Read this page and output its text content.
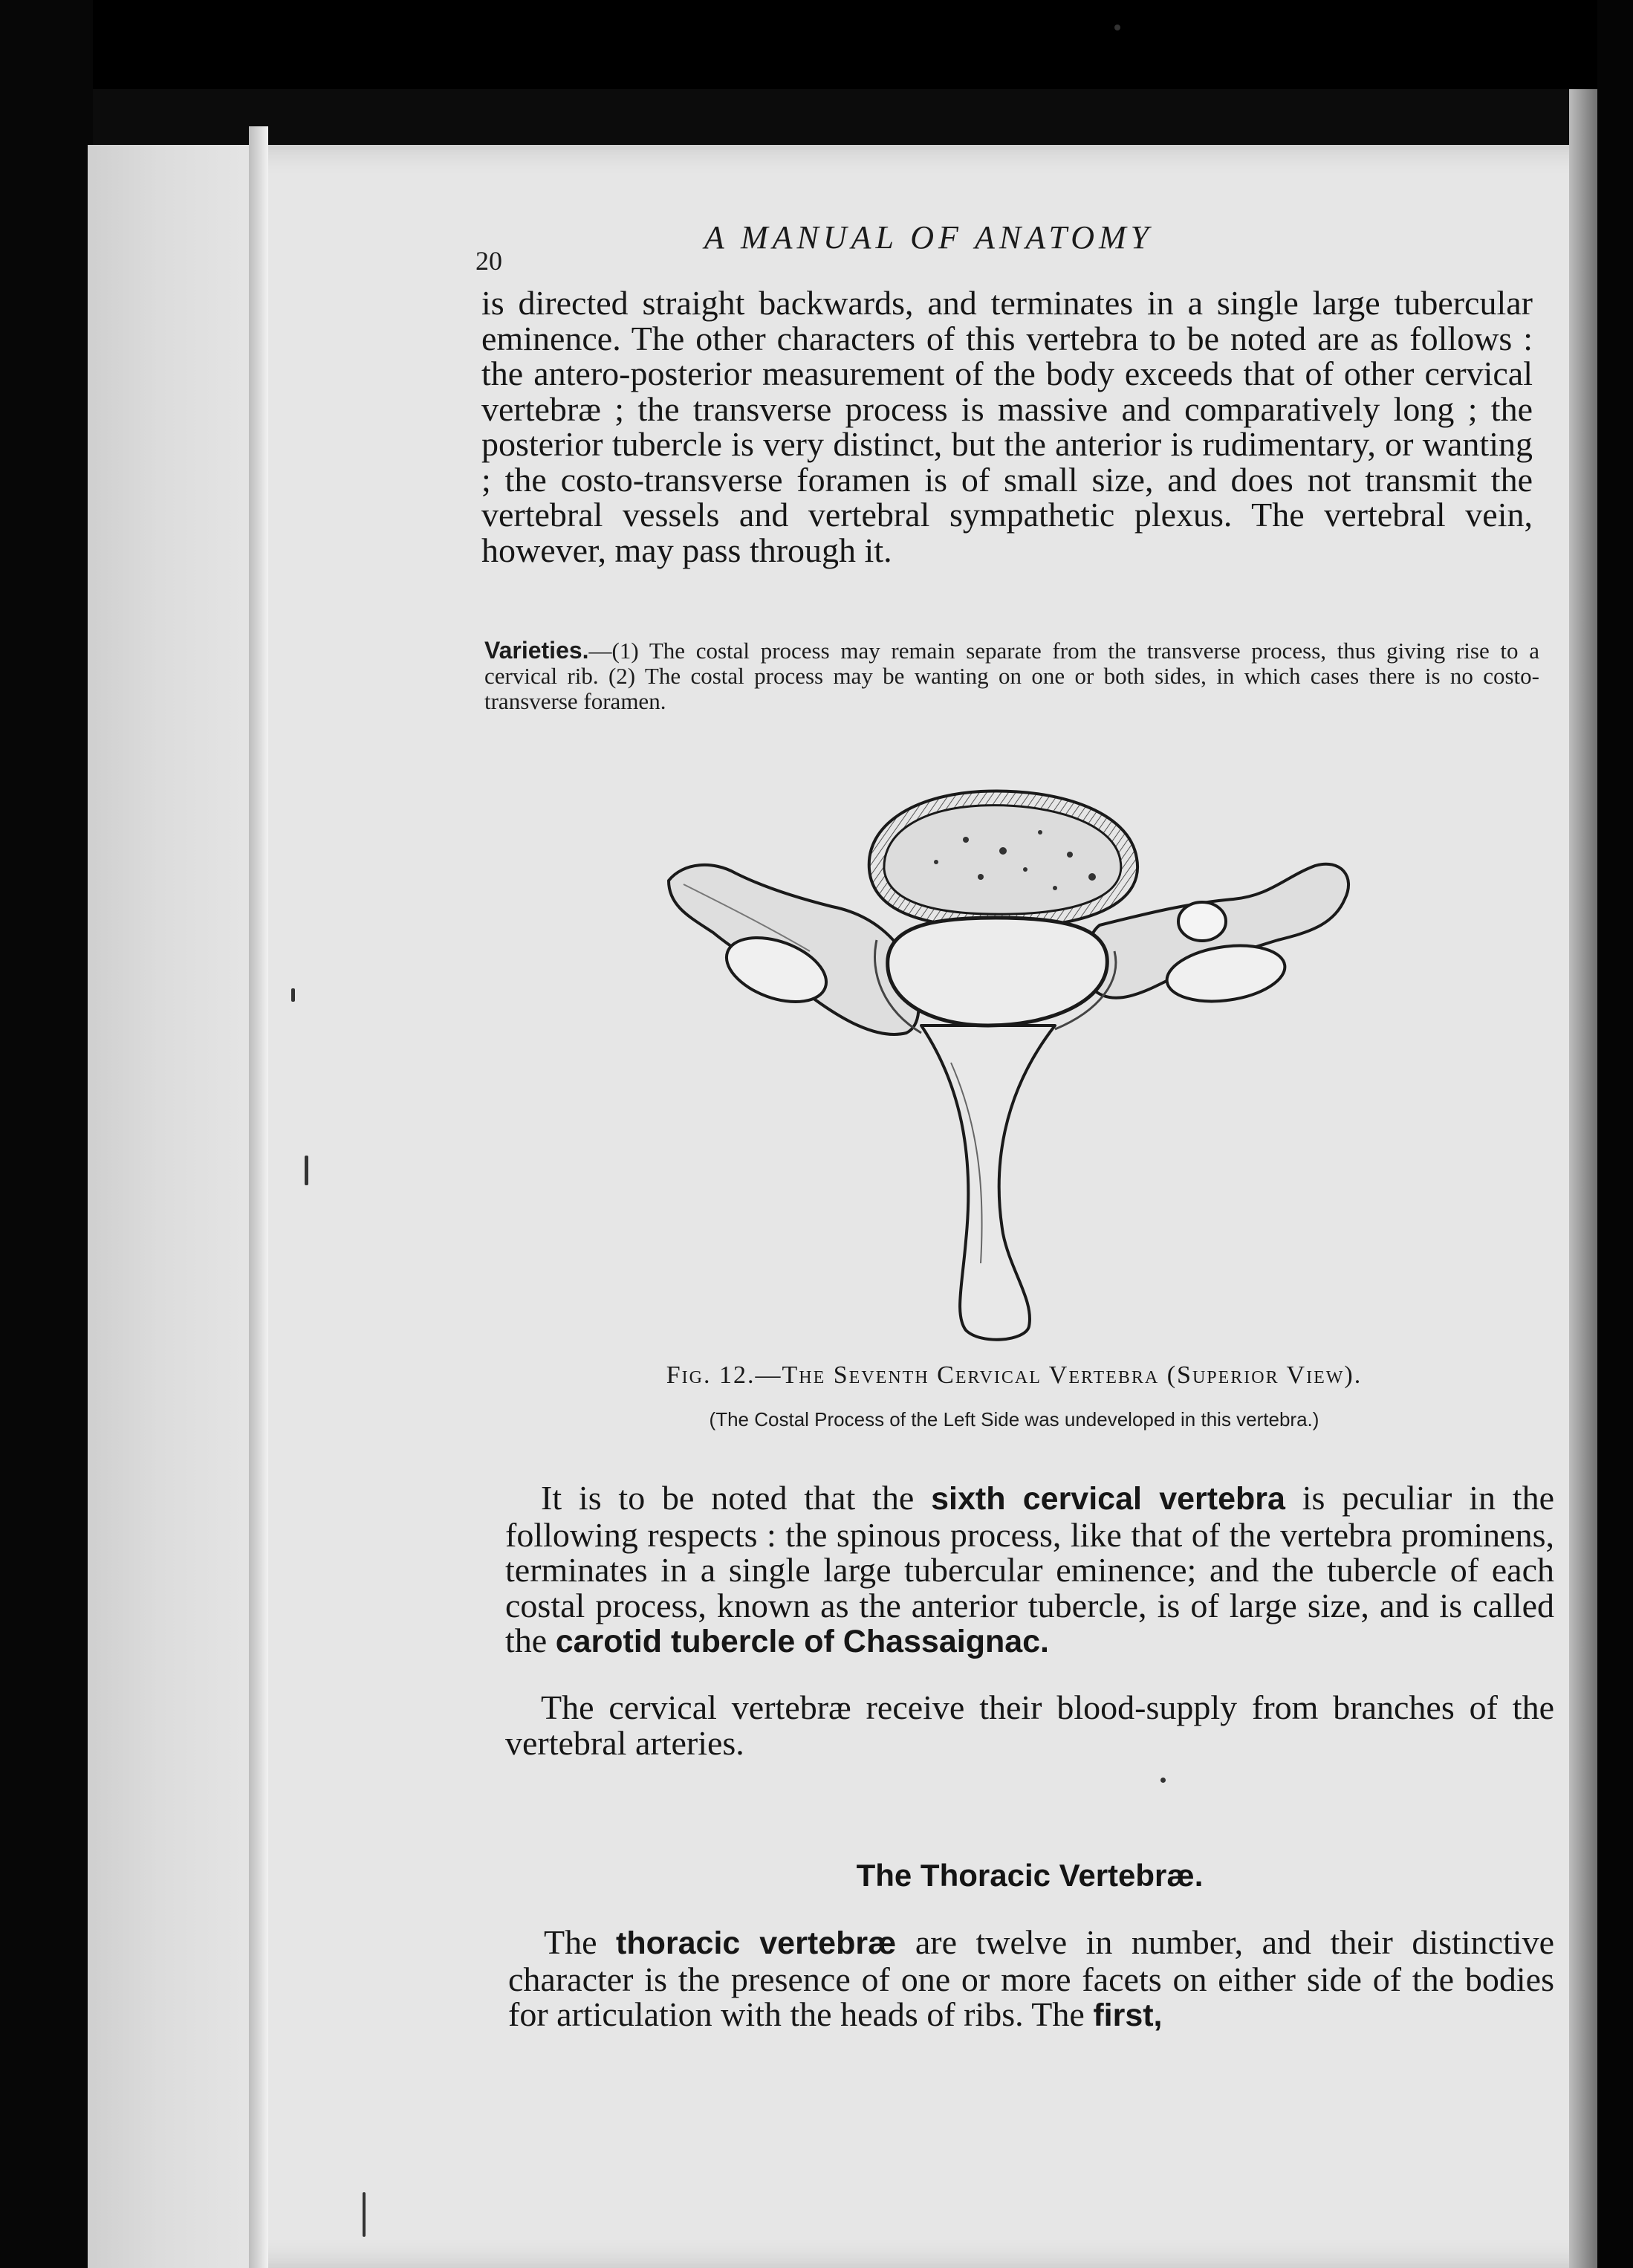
20
A MANUAL OF ANATOMY
is directed straight backwards, and terminates in a single large tubercular eminence. The other characters of this vertebra to be noted are as follows : the antero-posterior measurement of the body exceeds that of other cervical vertebræ ; the transverse process is massive and comparatively long ; the posterior tubercle is very distinct, but the anterior is rudimentary, or wanting ; the costo-transverse foramen is of small size, and does not transmit the vertebral vessels and vertebral sympathetic plexus. The vertebral vein, however, may pass through it.
Varieties.—(1) The costal process may remain separate from the transverse process, thus giving rise to a cervical rib. (2) The costal process may be wanting on one or both sides, in which cases there is no costo-transverse foramen.
Fig. 12.—The Seventh Cervical Vertebra (Superior View).
(The Costal Process of the Left Side was undeveloped in this vertebra.)
It is to be noted that the sixth cervical vertebra is peculiar in the following respects : the spinous process, like that of the vertebra prominens, terminates in a single large tubercular eminence; and the tubercle of each costal process, known as the anterior tubercle, is of large size, and is called the carotid tubercle of Chassaignac.
The cervical vertebræ receive their blood-supply from branches of the vertebral arteries.
The Thoracic Vertebræ.
The thoracic vertebræ are twelve in number, and their distinctive character is the presence of one or more facets on either side of the bodies for articulation with the heads of ribs. The first,
